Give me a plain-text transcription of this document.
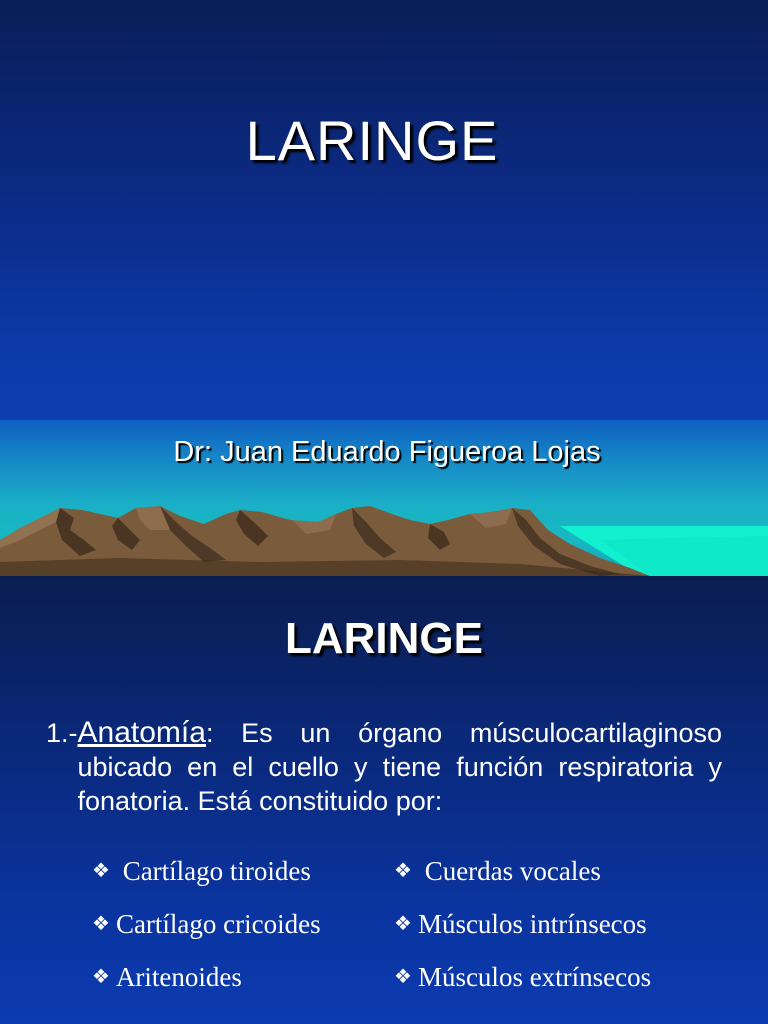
LARINGE
Dr: Juan Eduardo Figueroa Lojas
LARINGE
1.- Anatomía: Es un órgano músculocartilaginoso ubicado en el cuello y tiene función respiratoria y fonatoria. Está constituido por:
❖ Cartílago tiroides
❖ Cartílago cricoides
❖ Aritenoides
❖ Cuerdas vocales
❖ Músculos intrínsecos
❖ Músculos extrínsecos
